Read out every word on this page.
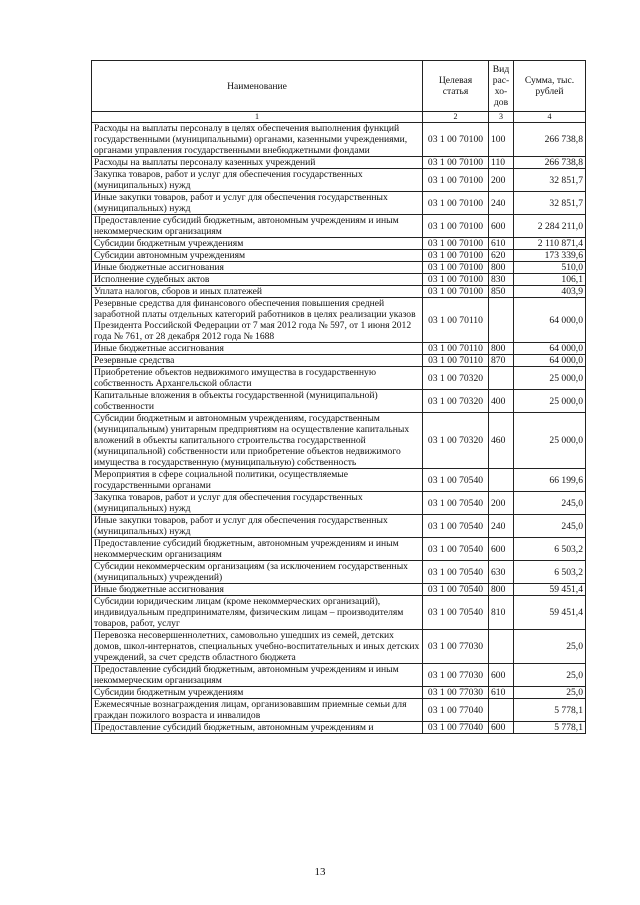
Наименование	Целевая статья	Вид рас-хо-дов	Сумма, тыс. рублей
1	2	3	4
Расходы на выплаты персоналу в целях обеспечения выполнения функций государственными (муниципальными) органами, казенными учреждениями, органами управления государственными внебюджетными фондами	03 1 00 70100	100	266 738,8
Расходы на выплаты персоналу казенных учреждений	03 1 00 70100	110	266 738,8
Закупка товаров, работ и услуг для обеспечения государственных (муниципальных) нужд	03 1 00 70100	200	32 851,7
Иные закупки товаров, работ и услуг для обеспечения государственных (муниципальных) нужд	03 1 00 70100	240	32 851,7
Предоставление субсидий бюджетным, автономным учреждениям и иным некоммерческим организациям	03 1 00 70100	600	2 284 211,0
Субсидии бюджетным учреждениям	03 1 00 70100	610	2 110 871,4
Субсидии автономным учреждениям	03 1 00 70100	620	173 339,6
Иные бюджетные ассигнования	03 1 00 70100	800	510,0
Исполнение судебных актов	03 1 00 70100	830	106,1
Уплата налогов, сборов и иных платежей	03 1 00 70100	850	403,9
Резервные средства для финансового обеспечения повышения средней заработной платы отдельных категорий работников в целях реализации указов Президента Российской Федерации от 7 мая 2012 года № 597, от 1 июня 2012 года № 761, от 28 декабря 2012 года № 1688	03 1 00 70110		64 000,0
Иные бюджетные ассигнования	03 1 00 70110	800	64 000,0
Резервные средства	03 1 00 70110	870	64 000,0
Приобретение объектов недвижимого имущества в государственную собственность Архангельской области	03 1 00 70320		25 000,0
Капитальные вложения в объекты государственной (муниципальной) собственности	03 1 00 70320	400	25 000,0
Субсидии бюджетным и автономным учреждениям, государственным (муниципальным) унитарным предприятиям на осуществление капитальных вложений в объекты капитального строительства государственной (муниципальной) собственности или приобретение объектов недвижимого имущества в государственную (муниципальную) собственность	03 1 00 70320	460	25 000,0
Мероприятия в сфере социальной политики, осуществляемые государственными органами	03 1 00 70540		66 199,6
Закупка товаров, работ и услуг для обеспечения государственных (муниципальных) нужд	03 1 00 70540	200	245,0
Иные закупки товаров, работ и услуг для обеспечения государственных (муниципальных) нужд	03 1 00 70540	240	245,0
Предоставление субсидий бюджетным, автономным учреждениям и иным некоммерческим организациям	03 1 00 70540	600	6 503,2
Субсидии некоммерческим организациям (за исключением государственных (муниципальных) учреждений)	03 1 00 70540	630	6 503,2
Иные бюджетные ассигнования	03 1 00 70540	800	59 451,4
Субсидии юридическим лицам (кроме некоммерческих организаций), индивидуальным предпринимателям, физическим лицам – производителям товаров, работ, услуг	03 1 00 70540	810	59 451,4
Перевозка несовершеннолетних, самовольно ушедших из семей, детских домов, школ-интернатов, специальных учебно-воспитательных и иных детских учреждений, за счет средств областного бюджета	03 1 00 77030		25,0
Предоставление субсидий бюджетным, автономным учреждениям и иным некоммерческим организациям	03 1 00 77030	600	25,0
Субсидии бюджетным учреждениям	03 1 00 77030	610	25,0
Ежемесячные вознаграждения лицам, организовавшим приемные семьи для граждан пожилого возраста и инвалидов	03 1 00 77040		5 778,1
Предоставление субсидий бюджетным, автономным учреждениям и	03 1 00 77040	600	5 778,1
13
